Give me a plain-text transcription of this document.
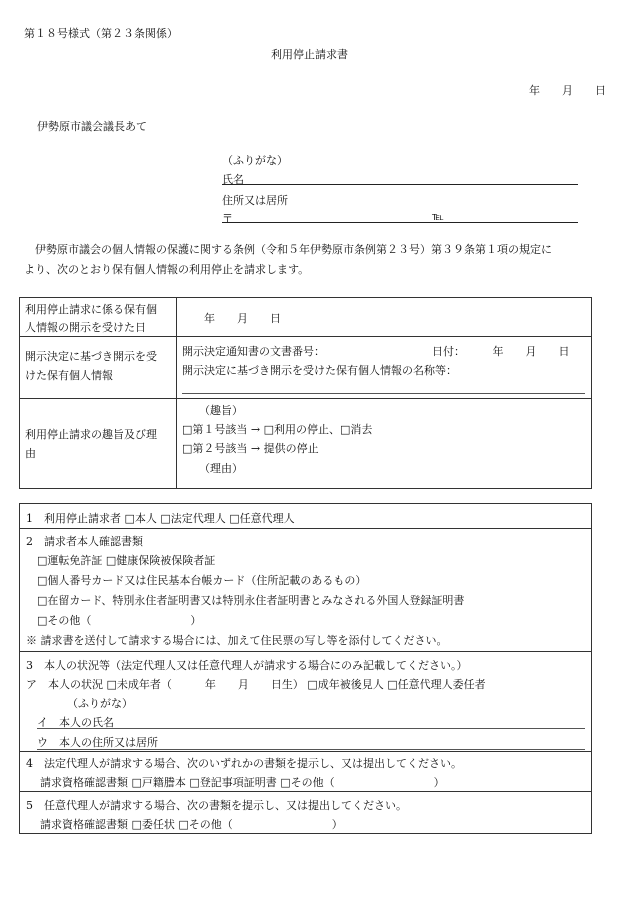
第１８号様式（第２３条関係）
利用停止請求書
年　　月　　日
伊勢原市議会議長あて
（ふりがな）
氏名
住所又は居所
〒	℡
　伊勢原市議会の個人情報の保護に関する条例（令和５年伊勢原市条例第２３号）第３９条第１項の規定に
より、次のとおり保有個人情報の利用停止を請求します。
利用停止請求に係る保有個
人情報の開示を受けた日
年　　月　　日
開示決定に基づき開示を受
けた保有個人情報
開示決定通知書の文書番号：	日付：　　　年　　月　　日
開示決定に基づき開示を受けた保有個人情報の名称等：
利用停止請求の趣旨及び理
由
（趣旨）
□第１号該当 → □利用の停止、□消去
□第２号該当 → 提供の停止
（理由）
1　利用停止請求者 □本人 □法定代理人 □任意代理人
2　請求者本人確認書類
□運転免許証 □健康保険被保険者証
□個人番号カード又は住民基本台帳カード（住所記載のあるもの）
□在留カード、特別永住者証明書又は特別永住者証明書とみなされる外国人登録証明書
□その他（　　　　　　　　　）
※ 請求書を送付して請求する場合には、加えて住民票の写し等を添付してください。
3　本人の状況等（法定代理人又は任意代理人が請求する場合にのみ記載してください。）
ア　本人の状況 □未成年者（　　　年　　月　　日生） □成年被後見人 □任意代理人委任者
（ふりがな）
イ　本人の氏名
ウ　本人の住所又は居所
4　法定代理人が請求する場合、次のいずれかの書類を提示し、又は提出してください。
請求資格確認書類 □戸籍謄本 □登記事項証明書 □その他（　　　　　　　　　）
5　任意代理人が請求する場合、次の書類を提示し、又は提出してください。
請求資格確認書類 □委任状 □その他（　　　　　　　　　）
